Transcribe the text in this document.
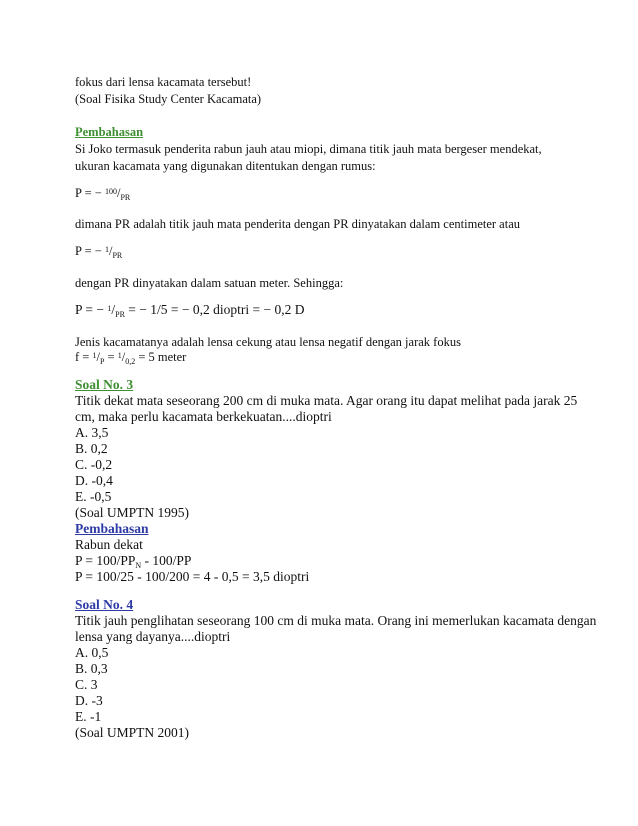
fokus dari lensa kacamata tersebut!
(Soal Fisika Study Center Kacamata)
Pembahasan
Si Joko termasuk penderita rabun jauh atau miopi, dimana titik jauh mata bergeser mendekat,
ukuran kacamata yang digunakan ditentukan dengan rumus:
P = − $^{100}/_{PR}$
dimana PR adalah titik jauh mata penderita dengan PR dinyatakan dalam centimeter atau
P = − $^1/_{PR}$
dengan PR dinyatakan dalam satuan meter. Sehingga:
P = − $^1/_{PR}$ = − 1/5 = − 0,2 dioptri = − 0,2 D
Jenis kacamatanya adalah lensa cekung atau lensa negatif dengan jarak fokus
$f = ^1/_P = ^1/_{0,2} = 5$ meter
Soal No. 3
Titik dekat mata seseorang 200 cm di muka mata. Agar orang itu dapat melihat pada jarak 25
cm, maka perlu kacamata berkekuatan....dioptri
A. 3,5
B. 0,2
C. -0,2
D. -0,4
E. -0,5
(Soal UMPTN 1995)
Pembahasan
Rabun dekat
$P = 100/PP_N - 100/PP$
P = 100/25 - 100/200 = 4 - 0,5 = 3,5 dioptri
Soal No. 4
Titik jauh penglihatan seseorang 100 cm di muka mata. Orang ini memerlukan kacamata dengan
lensa yang dayanya....dioptri
A. 0,5
B. 0,3
C. 3
D. -3
E. -1
(Soal UMPTN 2001)
